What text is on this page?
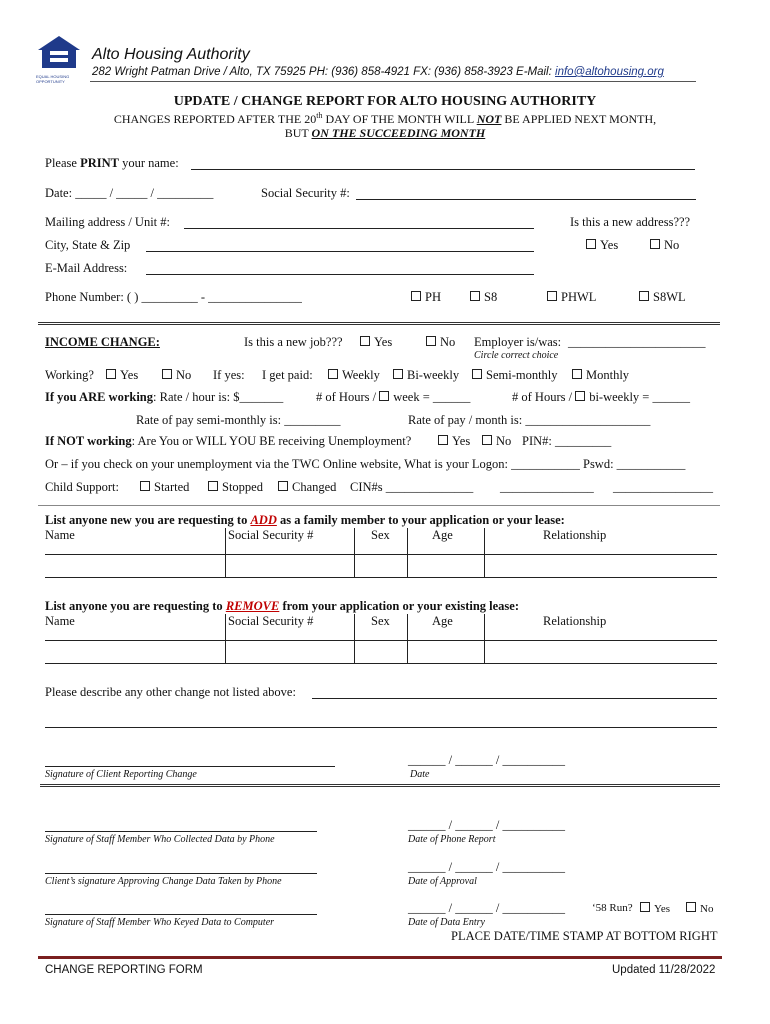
EQUAL HOUSING OPPORTUNITY
Alto Housing Authority
282 Wright Patman Drive / Alto, TX 75925 PH: (936) 858-4921 FX: (936) 858-3923 E-Mail: info@altohousing.org
UPDATE / CHANGE REPORT FOR ALTO HOUSING AUTHORITY
CHANGES REPORTED AFTER THE 20th DAY OF THE MONTH WILL NOT BE APPLIED NEXT MONTH,
BUT ON THE SUCCEEDING MONTH
Please PRINT your name:
Date: _____ / _____ / _________	Social Security #:
Mailing address / Unit #:	Is this a new address???
City, State & Zip	Yes	No
E-Mail Address:
Phone Number: ( ) _________ - _______________	PH	S8	PHWL	S8WL
INCOME CHANGE:	Is this a new job???	Yes	No Employer is/was: ______________________
Circle correct choice
Working?	Yes	No If yes: I get paid:	Weekly	Bi-weekly	Semi-monthly	Monthly
If you ARE working: Rate / hour is: $_______	# of Hours / week = ______	# of Hours / bi-weekly = ______
Rate of pay semi-monthly is: _________	Rate of pay / month is: ____________________
If NOT working: Are You or WILL YOU BE receiving Unemployment?	Yes	No PIN#: _________
Or – if you check on your unemployment via the TWC Online website, What is your Logon: ___________ Pswd: ___________
Child Support:	Started	Stopped	Changed CIN#s ______________ _______________ ________________
List anyone new you are requesting to ADD as a family member to your application or your lease:
Name	Social Security #	Sex	Age	Relationship
List anyone you are requesting to REMOVE from your application or your existing lease:
Name	Social Security #	Sex	Age	Relationship
Please describe any other change not listed above:
______ / ______ / __________
Signature of Client Reporting Change	Date
______ / ______ / __________
Signature of Staff Member Who Collected Data by Phone	Date of Phone Report
______ / ______ / __________
Client’s signature Approving Change Data Taken by Phone	Date of Approval
______ / ______ / __________ ‘58 Run?	Yes	No
Signature of Staff Member Who Keyed Data to Computer	Date of Data Entry
PLACE DATE/TIME STAMP AT BOTTOM RIGHT
CHANGE REPORTING FORM	Updated 11/28/2022
